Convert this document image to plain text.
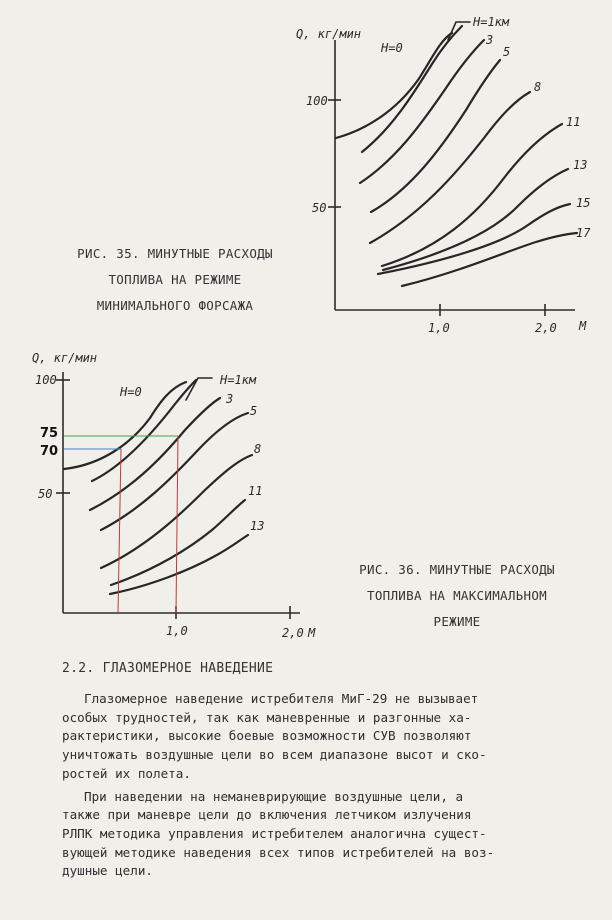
Q, кг/мин
100
50
1,0	2,0 M
H=0
H=1км
3
5
8
11
13
15
17
Q, кг/мин
100
50
1,0	2,0 M
H=0
H=1км
3
5
8
11
13
75
70
РИС. 35. МИНУТНЫЕ РАСХОДЫ
ТОПЛИВА НА РЕЖИМЕ
МИНИМАЛЬНОГО ФОРСАЖА
РИС. 36. МИНУТНЫЕ РАСХОДЫ
ТОПЛИВА НА МАКСИМАЛЬНОМ
РЕЖИМЕ
2.2. ГЛАЗОМЕРНОЕ НАВЕДЕНИЕ

Глазомерное наведение истребителя МиГ-29 не вызывает
особых трудностей, так как маневренные и разгонные ха-
рактеристики, высокие боевые возможности СУВ позволяют
уничтожать воздушные цели во всем диапазоне высот и ско-
ростей их полета.

При наведении на неманеврирующие воздушные цели, а
также при маневре цели до включения летчиком излучения
РЛПК методика управления истребителем аналогична сущест-
вующей методике наведения всех типов истребителей на воз-
душные цели.
